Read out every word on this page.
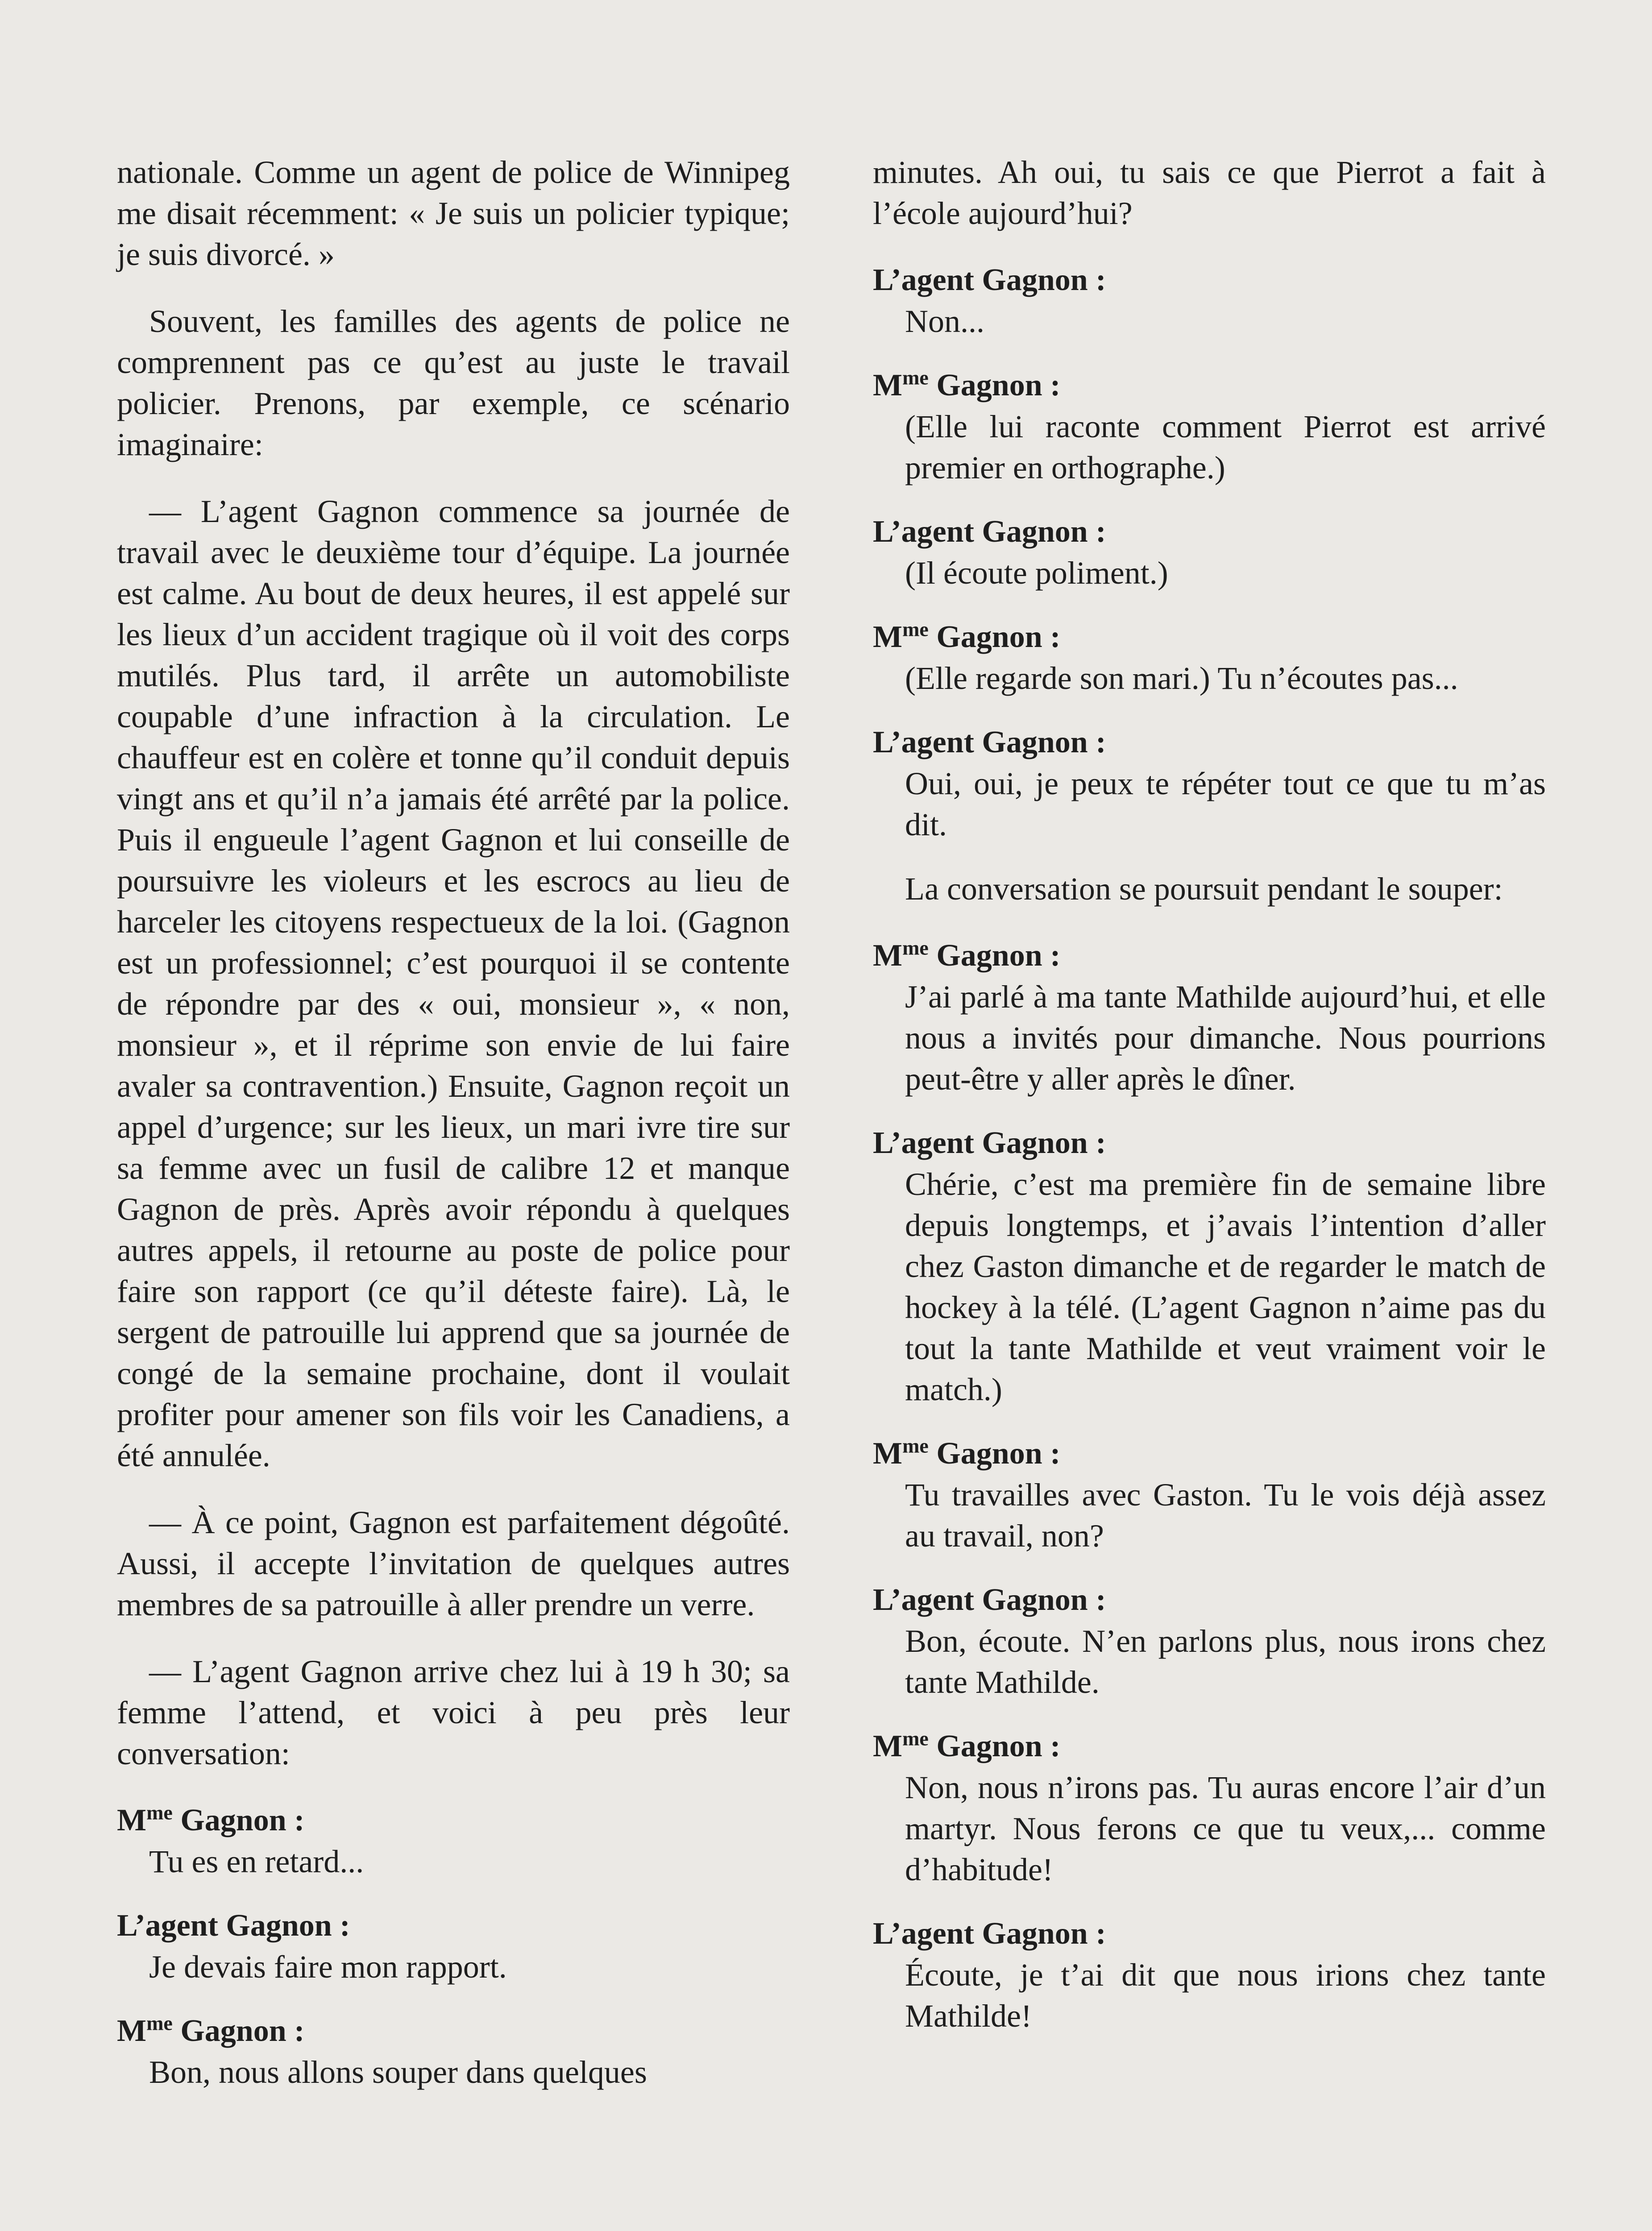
nationale. Comme un agent de police de Winnipeg me disait récemment: « Je suis un policier typique; je suis divorcé. »

Souvent, les familles des agents de police ne comprennent pas ce qu’est au juste le travail policier. Prenons, par exemple, ce scénario imaginaire:

— L’agent Gagnon commence sa journée de travail avec le deuxième tour d’équipe. La journée est calme. Au bout de deux heures, il est appelé sur les lieux d’un accident tragique où il voit des corps mutilés. Plus tard, il arrête un automobiliste coupable d’une infraction à la circulation. Le chauffeur est en colère et tonne qu’il conduit depuis vingt ans et qu’il n’a jamais été arrêté par la police. Puis il engueule l’agent Gagnon et lui conseille de poursuivre les violeurs et les escrocs au lieu de harceler les citoyens respectueux de la loi. (Gagnon est un professionnel; c’est pourquoi il se contente de répondre par des « oui, monsieur », « non, monsieur », et il réprime son envie de lui faire avaler sa contravention.) Ensuite, Gagnon reçoit un appel d’urgence; sur les lieux, un mari ivre tire sur sa femme avec un fusil de calibre 12 et manque Gagnon de près. Après avoir répondu à quelques autres appels, il retourne au poste de police pour faire son rapport (ce qu’il déteste faire). Là, le sergent de patrouille lui apprend que sa journée de congé de la semaine prochaine, dont il voulait profiter pour amener son fils voir les Canadiens, a été annulée.

— À ce point, Gagnon est parfaitement dégoûté. Aussi, il accepte l’invitation de quelques autres membres de sa patrouille à aller prendre un verre.

— L’agent Gagnon arrive chez lui à 19 h 30; sa femme l’attend, et voici à peu près leur conversation:

$M^{me}$ Gagnon :

Tu es en retard...

L’agent Gagnon :

Je devais faire mon rapport.

$M^{me}$ Gagnon :

Bon, nous allons souper dans quelques

minutes. Ah oui, tu sais ce que Pierrot a fait à l’école aujourd’hui?

L’agent Gagnon :

Non...

$M^{me}$ Gagnon :

(Elle lui raconte comment Pierrot est arrivé premier en orthographe.)

L’agent Gagnon :

(Il écoute poliment.)

$M^{me}$ Gagnon :

(Elle regarde son mari.) Tu n’écoutes pas...

L’agent Gagnon :

Oui, oui, je peux te répéter tout ce que tu m’as dit.

La conversation se poursuit pendant le souper:

$M^{me}$ Gagnon :

J’ai parlé à ma tante Mathilde aujourd’hui, et elle nous a invités pour dimanche. Nous pourrions peut-être y aller après le dîner.

L’agent Gagnon :

Chérie, c’est ma première fin de semaine libre depuis longtemps, et j’avais l’intention d’aller chez Gaston dimanche et de regarder le match de hockey à la télé. (L’agent Gagnon n’aime pas du tout la tante Mathilde et veut vraiment voir le match.)

$M^{me}$ Gagnon :

Tu travailles avec Gaston. Tu le vois déjà assez au travail, non?

L’agent Gagnon :

Bon, écoute. N’en parlons plus, nous irons chez tante Mathilde.

$M^{me}$ Gagnon :

Non, nous n’irons pas. Tu auras encore l’air d’un martyr. Nous ferons ce que tu veux,... comme d’habitude!

L’agent Gagnon :

Écoute, je t’ai dit que nous irions chez tante Mathilde!
